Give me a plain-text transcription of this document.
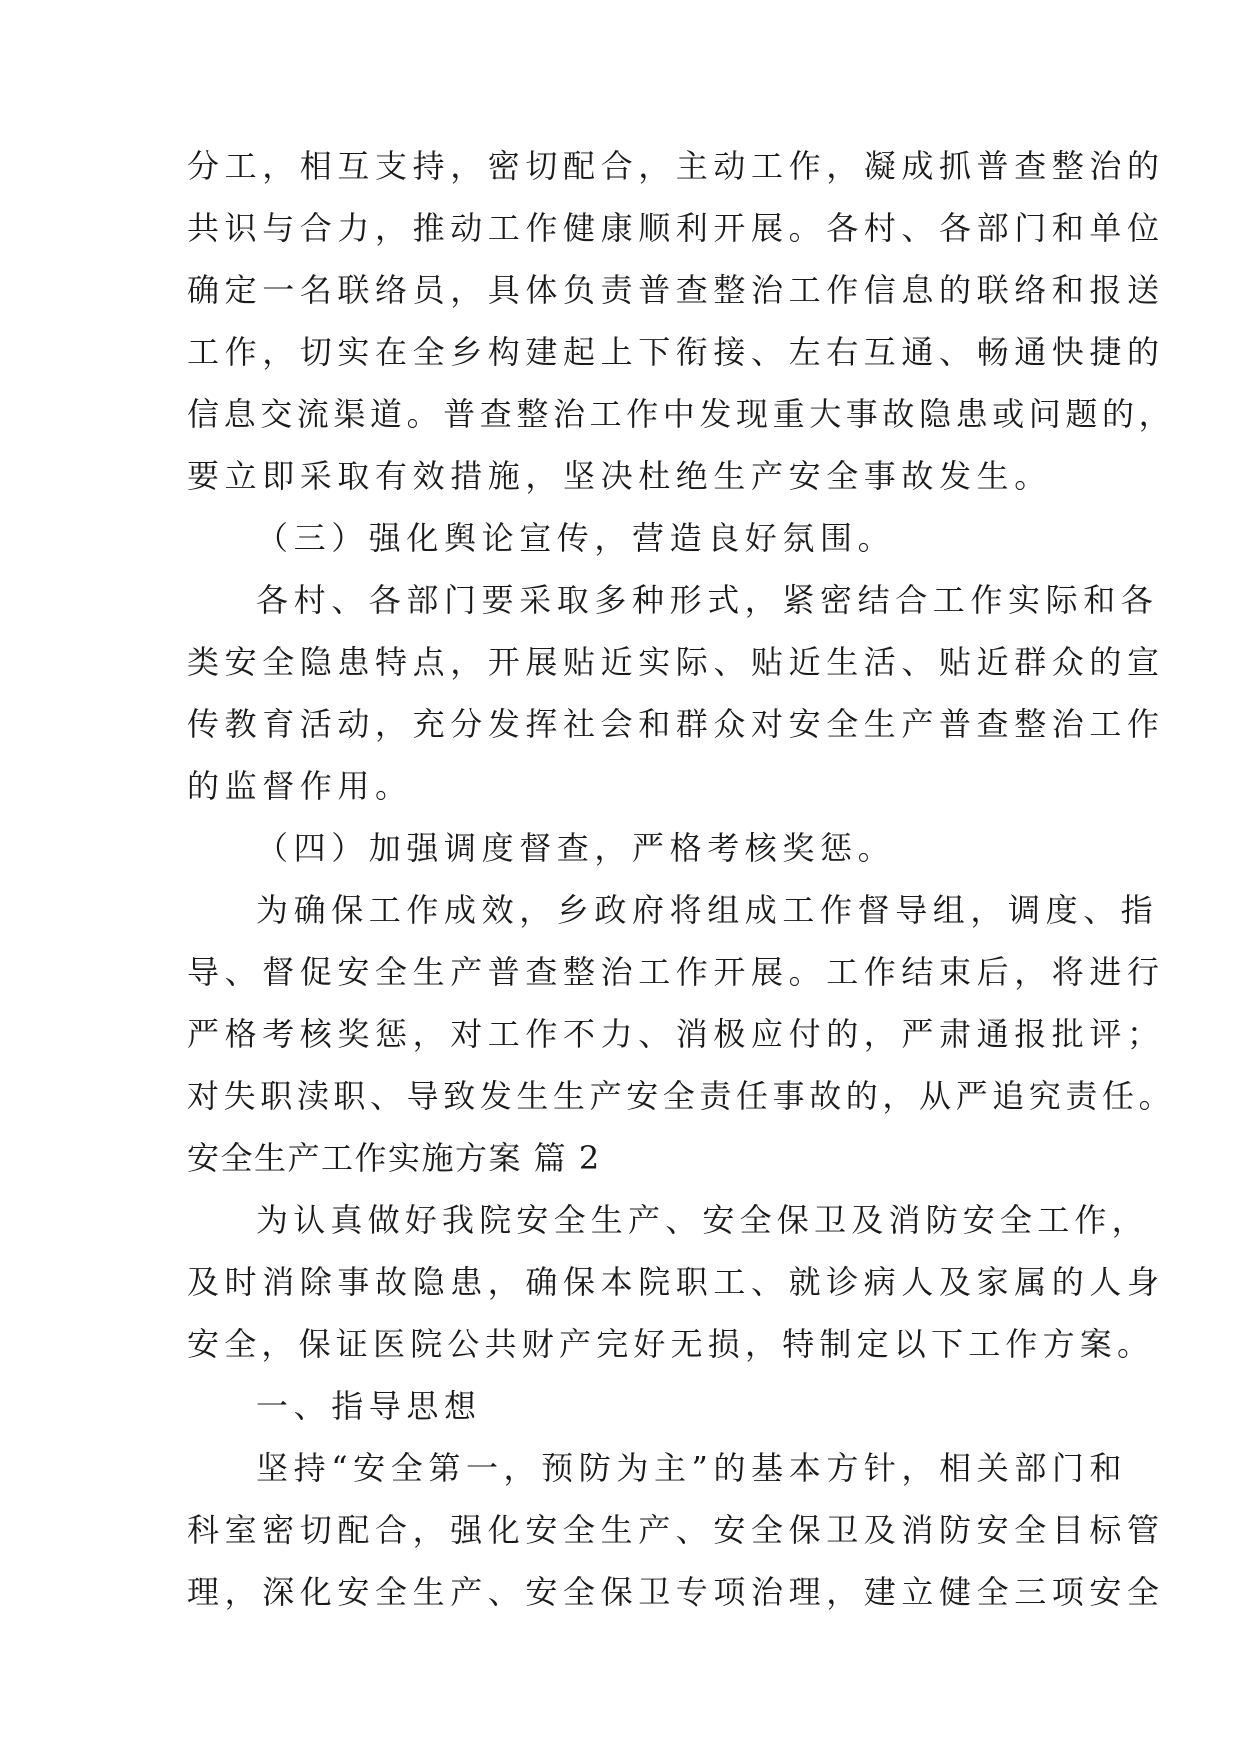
分工，相互支持，密切配合，主动工作，凝成抓普查整治的
共识与合力，推动工作健康顺利开展。各村、各部门和单位
确定一名联络员，具体负责普查整治工作信息的联络和报送
工作，切实在全乡构建起上下衔接、左右互通、畅通快捷的
信息交流渠道。普查整治工作中发现重大事故隐患或问题的，
要立即采取有效措施，坚决杜绝生产安全事故发生。
（三）强化舆论宣传，营造良好氛围。
各村、各部门要采取多种形式，紧密结合工作实际和各
类安全隐患特点，开展贴近实际、贴近生活、贴近群众的宣
传教育活动，充分发挥社会和群众对安全生产普查整治工作
的监督作用。
（四）加强调度督查，严格考核奖惩。
为确保工作成效，乡政府将组成工作督导组，调度、指
导、督促安全生产普查整治工作开展。工作结束后，将进行
严格考核奖惩，对工作不力、消极应付的，严肃通报批评；
对失职渎职、导致发生生产安全责任事故的，从严追究责任。
安全生产工作实施方案 篇 2
为认真做好我院安全生产、安全保卫及消防安全工作，
及时消除事故隐患，确保本院职工、就诊病人及家属的人身
安全，保证医院公共财产完好无损，特制定以下工作方案。
一、指导思想
坚持“安全第一，预防为主”的基本方针，相关部门和
科室密切配合，强化安全生产、安全保卫及消防安全目标管
理，深化安全生产、安全保卫专项治理，建立健全三项安全
